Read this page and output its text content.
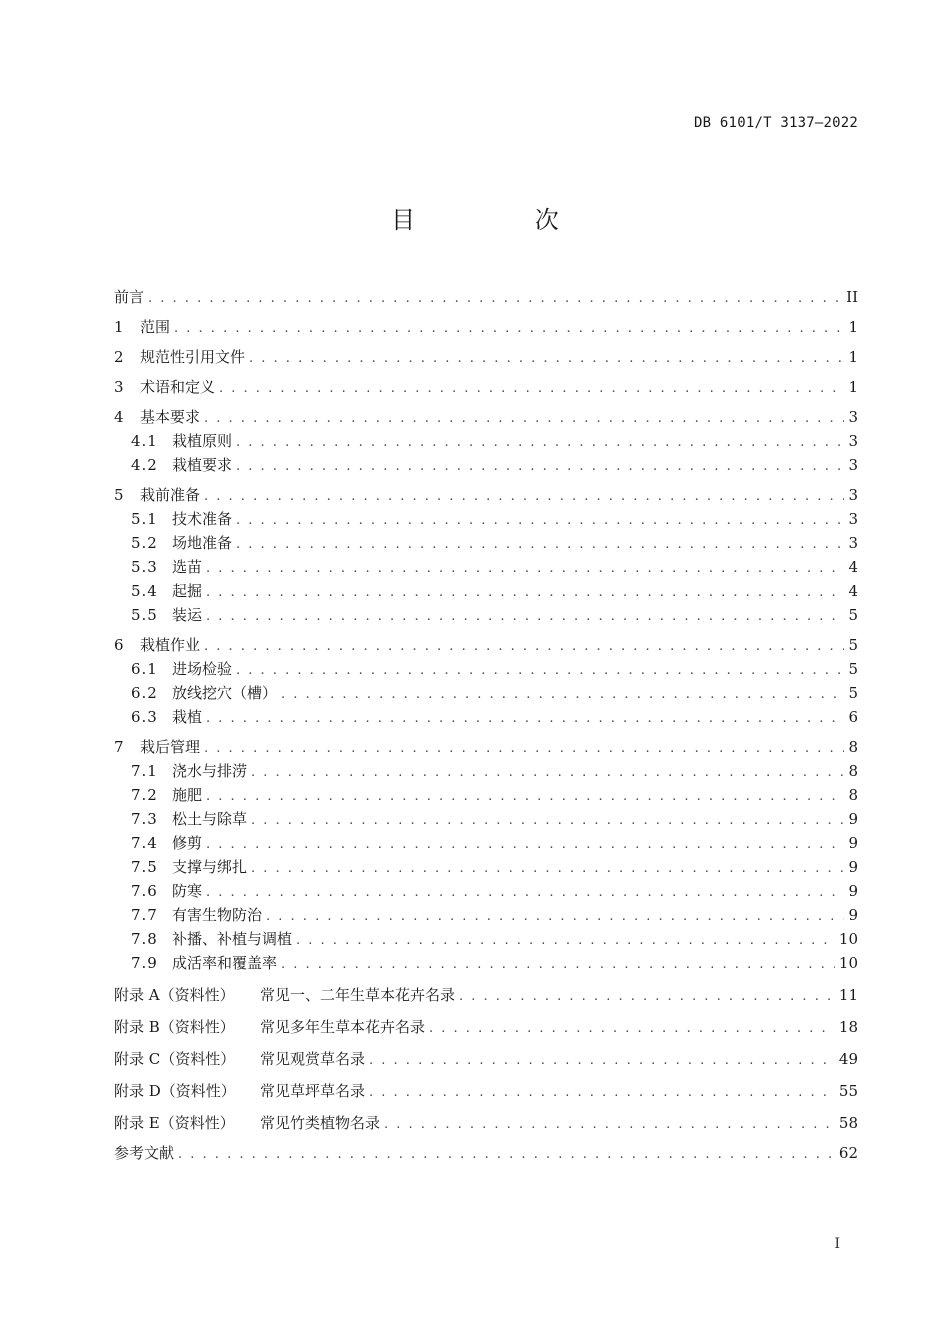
DB 6101/T 3137—2022
目 次
前言 . . .	II
1	范围 . . .	1
2	规范性引用文件 . . .	1
3	术语和定义 . . .	1
4	基本要求 . . .	3
4.1 栽植原则 . . .	3
4.2 栽植要求 . . .	3
5	栽前准备 . . .	3
5.1 技术准备 . . .	3
5.2 场地准备 . . .	3
5.3 选苗 . . .	4
5.4 起掘 . . .	4
5.5 装运 . . .	5
6	栽植作业 . . .	5
6.1 进场检验 . . .	5
6.2 放线挖穴（槽） . . .	5
6.3 栽植 . . .	6
7	栽后管理 . . .	8
7.1 浇水与排涝 . . .	8
7.2 施肥 . . .	8
7.3 松土与除草 . . .	9
7.4 修剪 . . .	9
7.5 支撑与绑扎 . . .	9
7.6 防寒 . . .	9
7.7 有害生物防治 . . .	9
7.8 补播、补植与调植 . . .	10
7.9 成活率和覆盖率 . . .	10
附录 A（资料性）	常见一、二年生草本花卉名录 . . .	11
附录 B（资料性）	常见多年生草本花卉名录 . . .	18
附录 C（资料性）	常见观赏草名录 . . .	49
附录 D（资料性）	常见草坪草名录 . . .	55
附录 E（资料性）	常见竹类植物名录 . . .	58
参考文献 . . .	62
I
